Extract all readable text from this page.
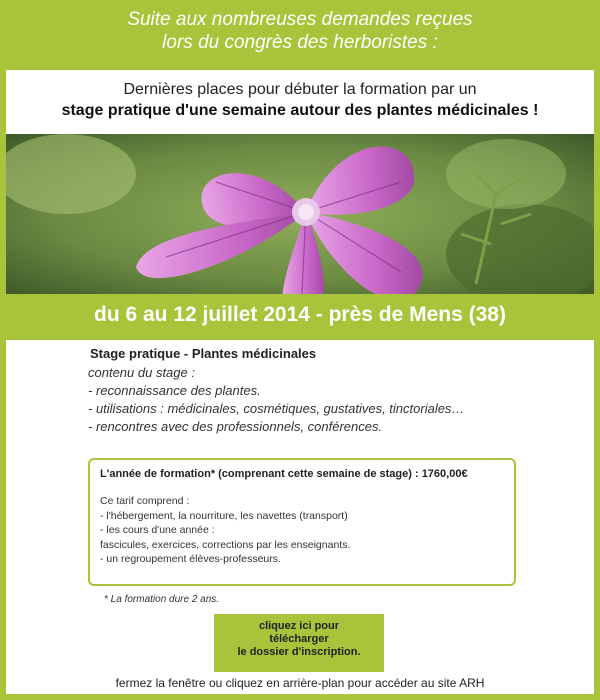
Suite aux nombreuses demandes reçues
lors du congrès des herboristes :
Dernières places pour débuter la formation par un
stage pratique d'une semaine autour des plantes médicinales !
du 6 au 12 juillet 2014 - près de Mens (38)
Stage pratique - Plantes médicinales
contenu du stage :
- reconnaissance des plantes.
- utilisations : médicinales, cosmétiques, gustatives, tinctoriales…
- rencontres avec des professionnels, conférences.
L'année de formation* (comprenant cette semaine de stage) : 1760,00€
Ce tarif comprend :
- l'hébergement, la nourriture, les navettes (transport)
- les cours d'une année :
fascicules, exercices, corrections par les enseignants.
- un regroupement élèves-professeurs.
* La formation dure 2 ans.
cliquez ici pour
télécharger
le dossier d'inscription.
fermez la fenêtre ou cliquez en arrière-plan pour accéder au site ARH
